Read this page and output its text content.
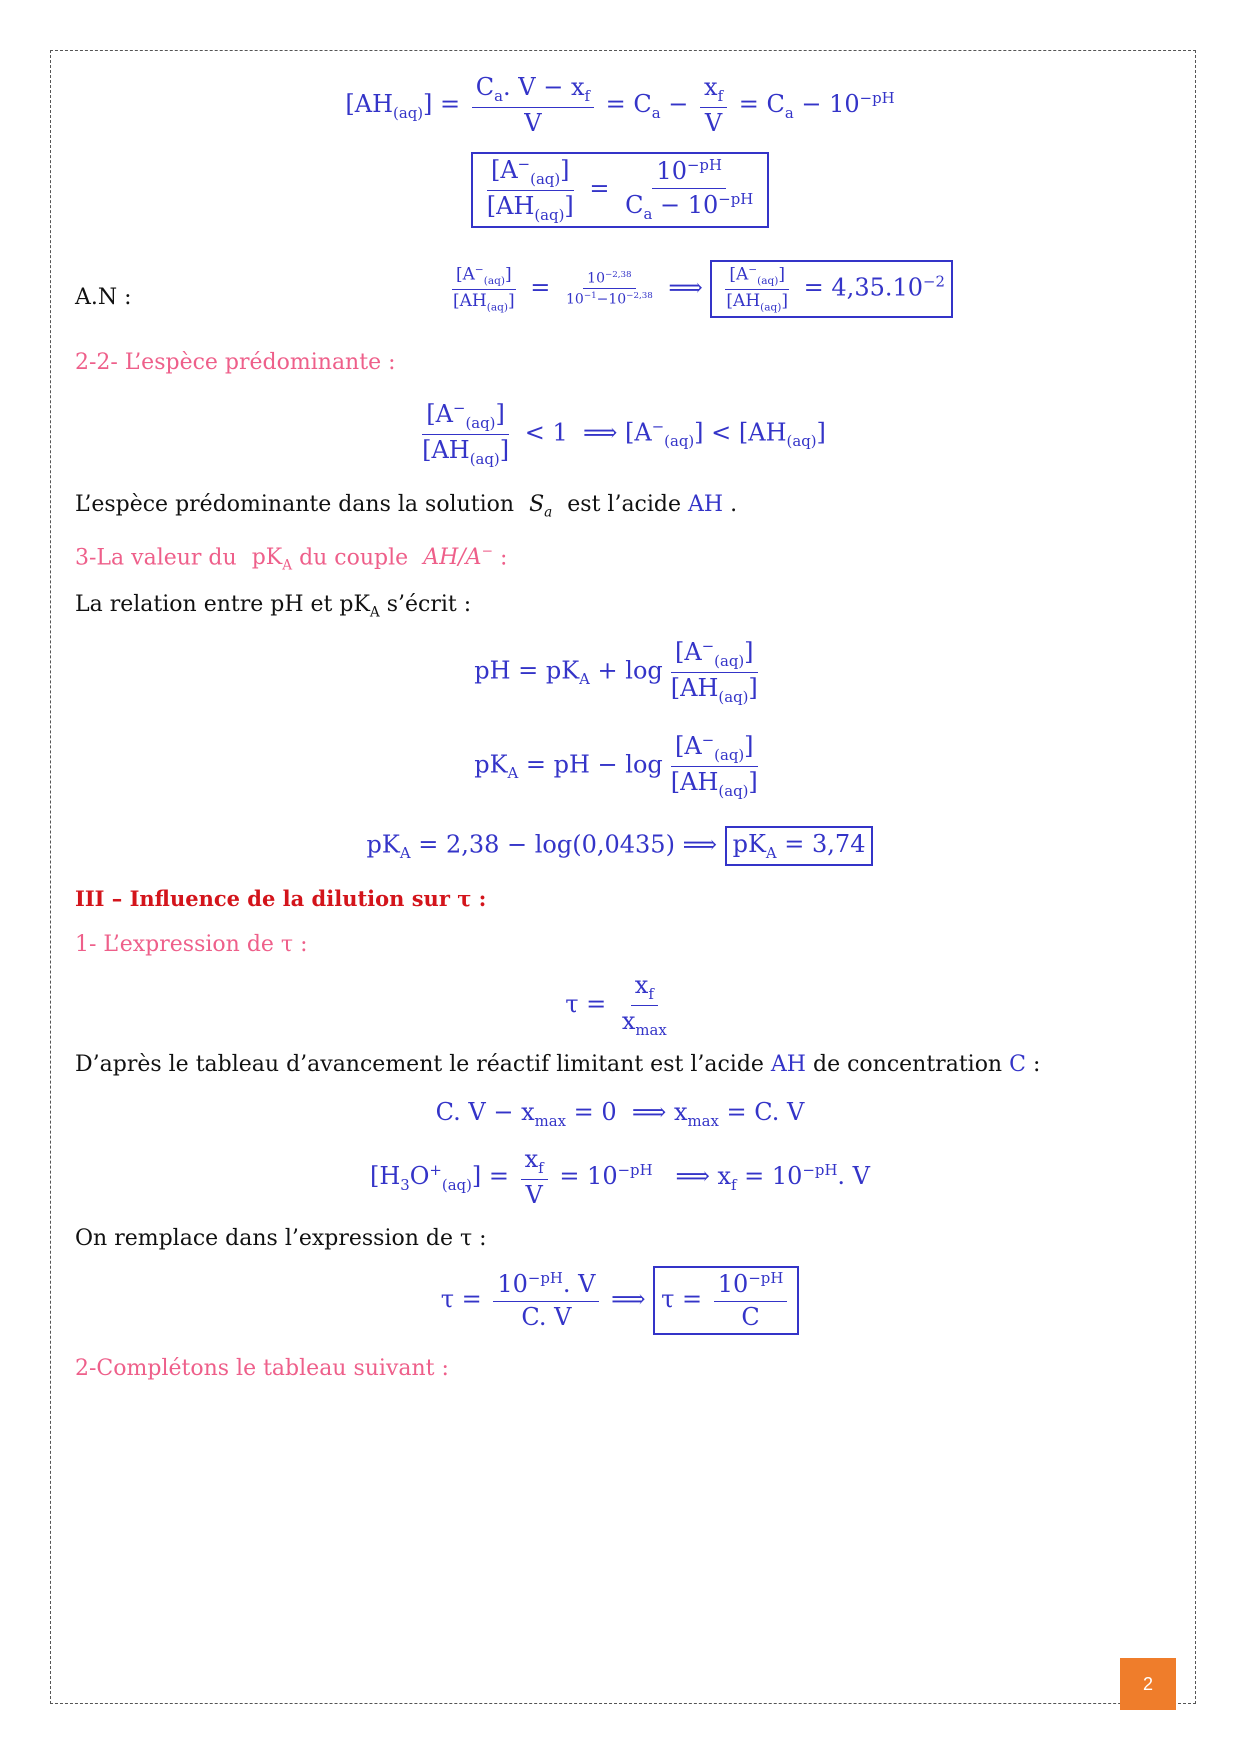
$[AH_{(aq)}] = \frac{C_a. V - x_f}{V} = C_a - \frac{x_f}{V} = C_a - 10^{-pH}$
$\frac{[A^-_{(aq)}]}{[AH_{(aq)}]} = \frac{10^{-pH}}{C_a - 10^{-pH}}$
A.N :	$\frac{[A^-_{(aq)}]}{[AH_{(aq)}]} = \frac{10^{-2,38}}{10^{-1}-10^{-2,38}}$ ⟹ $\frac{[A^-_{(aq)}]}{[AH_{(aq)}]} = 4,35.10^{-2}$
2-2- L’espèce prédominante :
$\frac{[A^-_{(aq)}]}{[AH_{(aq)}]} < 1$  ⟹ $[A^-_{(aq)}] < [AH_{(aq)}]$
L’espèce prédominante dans la solution $S_a$ est l’acide AH .
3-La valeur du $pK_A$ du couple AH/A− :
La relation entre pH et $pK_A$ s’écrit :
pH = $pK_A + \log \frac{[A^-_{(aq)}]}{[AH_{(aq)}]}$
$pK_A$ = pH − $\log \frac{[A^-_{(aq)}]}{[AH_{(aq)}]}$
$pK_A = 2,38 - \log(0,0435)$ ⟹ $pK_A = 3,74$
III – Influence de la dilution sur τ :
1- L’expression de τ :
$\tau = \frac{x_f}{x_{max}}$
D’après le tableau d’avancement le réactif limitant est l’acide AH de concentration C :
C. $V - x_{max} = 0$  ⟹ $x_{max} = C$. V
$[H_3O^+_{(aq)}] = \frac{x_f}{V} = 10^{-pH}$   ⟹ $x_f = 10^{-pH}$. V
On remplace dans l’expression de τ :
$\tau = \frac{10^{-pH}. V}{C. V}$ ⟹ $\tau = \frac{10^{-pH}}{C}$
2-Complétons le tableau suivant :
2
